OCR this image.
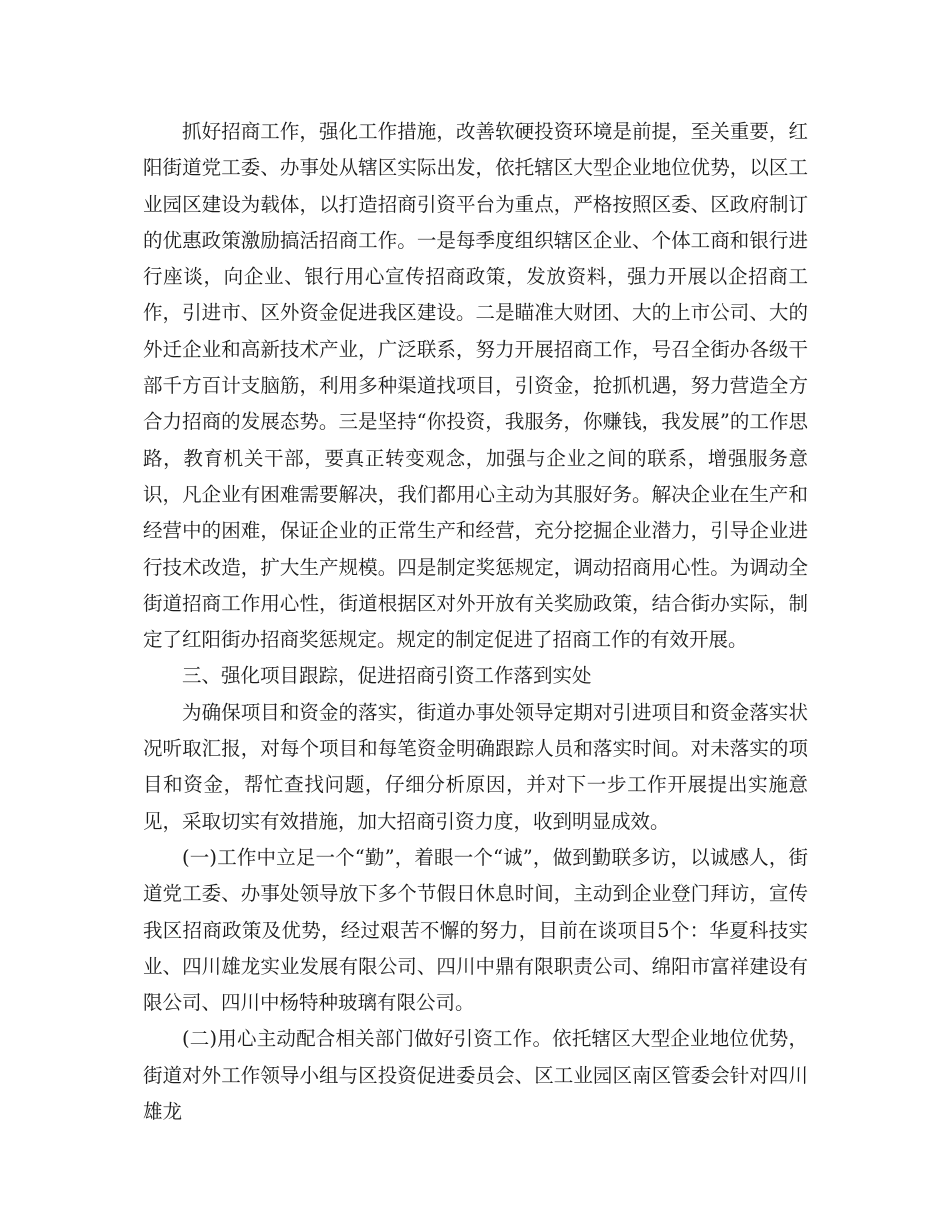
抓好招商工作，强化工作措施，改善软硬投资环境是前提，至关重要，红阳街道党工委、办事处从辖区实际出发，依托辖区大型企业地位优势，以区工业园区建设为载体，以打造招商引资平台为重点，严格按照区委、区政府制订的优惠政策激励搞活招商工作。一是每季度组织辖区企业、个体工商和银行进行座谈，向企业、银行用心宣传招商政策，发放资料，强力开展以企招商工作，引进市、区外资金促进我区建设。二是瞄准大财团、大的上市公司、大的外迁企业和高新技术产业，广泛联系，努力开展招商工作，号召全街办各级干部千方百计支脑筋，利用多种渠道找项目，引资金，抢抓机遇，努力营造全方合力招商的发展态势。三是坚持“你投资，我服务，你赚钱，我发展”的工作思路，教育机关干部，要真正转变观念，加强与企业之间的联系，增强服务意识，凡企业有困难需要解决，我们都用心主动为其服好务。解决企业在生产和经营中的困难，保证企业的正常生产和经营，充分挖掘企业潜力，引导企业进行技术改造，扩大生产规模。四是制定奖惩规定，调动招商用心性。为调动全街道招商工作用心性，街道根据区对外开放有关奖励政策，结合街办实际，制定了红阳街办招商奖惩规定。规定的制定促进了招商工作的有效开展。

三、强化项目跟踪，促进招商引资工作落到实处

为确保项目和资金的落实，街道办事处领导定期对引进项目和资金落实状况听取汇报，对每个项目和每笔资金明确跟踪人员和落实时间。对未落实的项目和资金，帮忙查找问题，仔细分析原因，并对下一步工作开展提出实施意见，采取切实有效措施，加大招商引资力度，收到明显成效。

(一)工作中立足一个“勤”，着眼一个“诚”，做到勤联多访，以诚感人，街道党工委、办事处领导放下多个节假日休息时间，主动到企业登门拜访，宣传我区招商政策及优势，经过艰苦不懈的努力，目前在谈项目5个：华夏科技实业、四川雄龙实业发展有限公司、四川中鼎有限职责公司、绵阳市富祥建设有限公司、四川中杨特种玻璃有限公司。

(二)用心主动配合相关部门做好引资工作。依托辖区大型企业地位优势，街道对外工作领导小组与区投资促进委员会、区工业园区南区管委会针对四川雄龙
